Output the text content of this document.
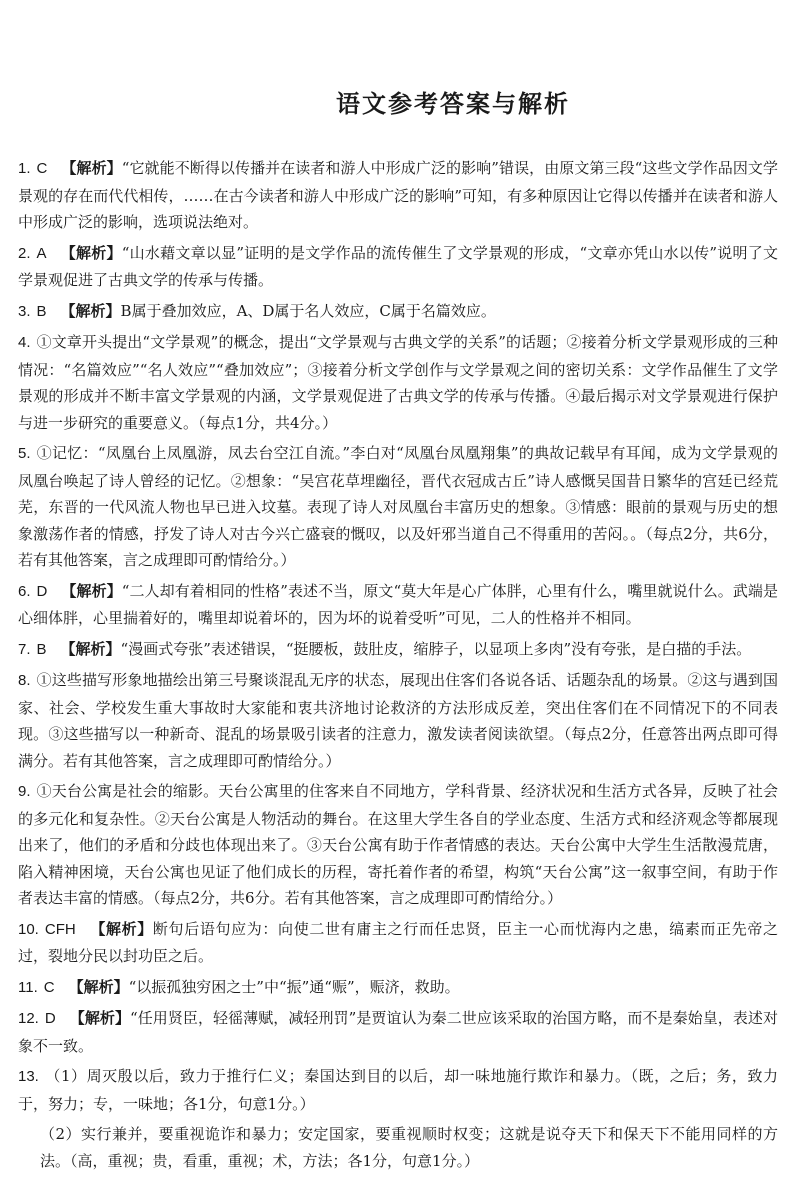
语文参考答案与解析
1. C 【解析】“它就能不断得以传播并在读者和游人中形成广泛的影响”错误，由原文第三段“这些文学作品因文学景观的存在而代代相传，……在古今读者和游人中形成广泛的影响”可知，有多种原因让它得以传播并在读者和游人中形成广泛的影响，选项说法绝对。
2. A 【解析】“山水藉文章以显”证明的是文学作品的流传催生了文学景观的形成，“文章亦凭山水以传”说明了文学景观促进了古典文学的传承与传播。
3. B 【解析】B属于叠加效应，A、D属于名人效应，C属于名篇效应。
4. ①文章开头提出“文学景观”的概念，提出“文学景观与古典文学的关系”的话题；②接着分析文学景观形成的三种情况：“名篇效应”“名人效应”“叠加效应”；③接着分析文学创作与文学景观之间的密切关系：文学作品催生了文学景观的形成并不断丰富文学景观的内涵，文学景观促进了古典文学的传承与传播。④最后揭示对文学景观进行保护与进一步研究的重要意义。（每点1分，共4分。）
5. ①记忆：“凤凰台上凤凰游，凤去台空江自流。”李白对“凤凰台凤凰翔集”的典故记载早有耳闻，成为文学景观的凤凰台唤起了诗人曾经的记忆。②想象：“吴宫花草埋幽径，晋代衣冠成古丘”诗人感慨吴国昔日繁华的宫廷已经荒芜，东晋的一代风流人物也早已进入坟墓。表现了诗人对凤凰台丰富历史的想象。③情感：眼前的景观与历史的想象激荡作者的情感，抒发了诗人对古今兴亡盛衰的慨叹，以及奸邪当道自己不得重用的苦闷。。（每点2分，共6分，若有其他答案，言之成理即可酌情给分。）
6. D 【解析】“二人却有着相同的性格”表述不当，原文“莫大年是心广体胖，心里有什么，嘴里就说什么。武端是心细体胖，心里揣着好的，嘴里却说着坏的，因为坏的说着受听”可见，二人的性格并不相同。
7. B 【解析】“漫画式夸张”表述错误，“挺腰板，鼓肚皮，缩脖子，以显项上多肉”没有夸张，是白描的手法。
8. ①这些描写形象地描绘出第三号聚谈混乱无序的状态，展现出住客们各说各话、话题杂乱的场景。②这与遇到国家、社会、学校发生重大事故时大家能和衷共济地讨论救济的方法形成反差，突出住客们在不同情况下的不同表现。③这些描写以一种新奇、混乱的场景吸引读者的注意力，激发读者阅读欲望。（每点2分，任意答出两点即可得满分。若有其他答案，言之成理即可酌情给分。）
9. ①天台公寓是社会的缩影。天台公寓里的住客来自不同地方，学科背景、经济状况和生活方式各异，反映了社会的多元化和复杂性。②天台公寓是人物活动的舞台。在这里大学生各自的学业态度、生活方式和经济观念等都展现出来了，他们的矛盾和分歧也体现出来了。③天台公寓有助于作者情感的表达。天台公寓中大学生生活散漫荒唐，陷入精神困境，天台公寓也见证了他们成长的历程，寄托着作者的希望，构筑“天台公寓”这一叙事空间，有助于作者表达丰富的情感。（每点2分，共6分。若有其他答案，言之成理即可酌情给分。）
10. CFH 【解析】断句后语句应为：向使二世有庸主之行而任忠贤，臣主一心而忧海内之患，缟素而正先帝之过，裂地分民以封功臣之后。
11. C 【解析】“以振孤独穷困之士”中“振”通“赈”，赈济，救助。
12. D 【解析】“任用贤臣，轻徭薄赋，减轻刑罚”是贾谊认为秦二世应该采取的治国方略，而不是秦始皇，表述对象不一致。
13. （1）周灭殷以后，致力于推行仁义；秦国达到目的以后，却一味地施行欺诈和暴力。（既，之后；务，致力于，努力；专，一味地；各1分，句意1分。）
（2）实行兼并，要重视诡诈和暴力；安定国家，要重视顺时权变；这就是说夺天下和保天下不能用同样的方法。（高，重视；贵，看重，重视；术，方法；各1分，句意1分。）
